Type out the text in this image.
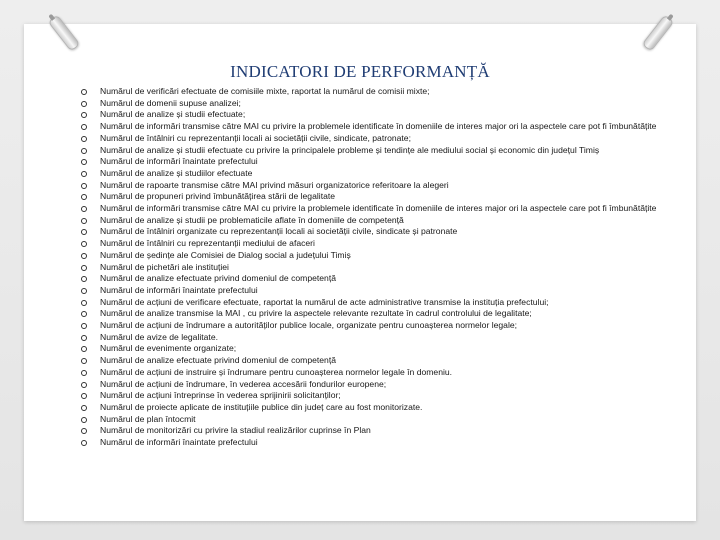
INDICATORI DE PERFORMANȚĂ
Numărul de verificări efectuate de comisiile mixte, raportat la numărul de comisii mixte;
Numărul de domenii supuse analizei;
Numărul de analize și studii efectuate;
Numărul de informări transmise către MAI cu privire la problemele identificate în domeniile de interes major ori la aspectele care pot fi îmbunătățite
Numărul de întâlniri cu reprezentanții locali ai societății civile, sindicate, patronate;
Numărul de analize și studii efectuate cu privire la principalele probleme și tendințe ale mediului social și economic din județul Timiș
Numărul de informări înaintate prefectului
Numărul de analize și studiilor efectuate
Numărul de rapoarte transmise către MAI privind măsuri organizatorice referitoare la alegeri
Numărul de propuneri privind îmbunătățirea stării de legalitate
Numărul de informări transmise către MAI cu privire la problemele identificate în domeniile de interes major ori la aspectele care pot fi îmbunătățite
Numărul de analize și studii pe problematicile aflate în domeniile de competență
Numărul de întâlniri organizate cu reprezentanții locali ai societății civile, sindicate și patronate
Numărul de întâlniri cu reprezentanții mediului de afaceri
Numărul de ședințe ale Comisiei de Dialog social a județului Timiș
Numărul de pichetări ale instituției
Numărul de analize efectuate privind domeniul de competență
Numărul de informări înaintate prefectului
Numărul de acțiuni de verificare efectuate, raportat la numărul de acte administrative transmise la instituția prefectului;
Numărul de analize transmise la MAI , cu privire la aspectele relevante rezultate în cadrul controlului de legalitate;
Numărul de acțiuni de îndrumare a autorităților publice locale, organizate pentru cunoașterea normelor legale;
Numărul de avize de legalitate.
Numărul de evenimente organizate;
Numărul de analize efectuate privind domeniul de competență
Numărul de acțiuni de instruire și îndrumare pentru cunoașterea normelor legale în domeniu.
Numărul de acțiuni de îndrumare, în vederea accesării fondurilor europene;
Numărul de acțiuni întreprinse în vederea sprijinirii solicitanților;
Numărul de proiecte aplicate de instituțiile publice din județ care au fost monitorizate.
Numărul de plan întocmit
Numărul de monitorizări cu privire la stadiul realizărilor cuprinse în Plan
Numărul de informări înaintate prefectului
